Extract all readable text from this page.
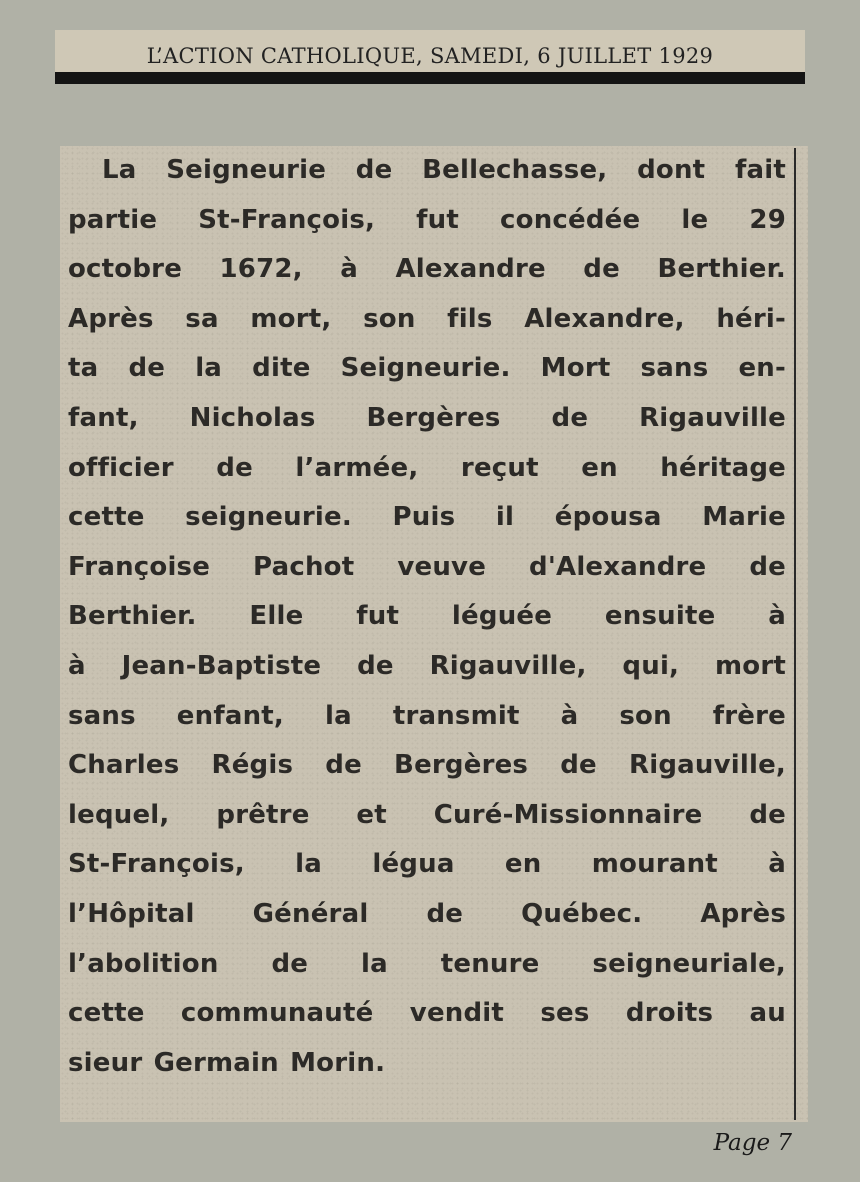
L’ACTION CATHOLIQUE, SAMEDI, 6 JUILLET 1929
La Seigneurie de Bellechasse, dont fait
partie St-François, fut concédée le 29
octobre 1672, à Alexandre de Berthier.
Après sa mort, son fils Alexandre, héri-
ta de la dite Seigneurie. Mort sans en-
fant, Nicholas Bergères de Rigauville
officier de l’armée, reçut en héritage
cette seigneurie. Puis il épousa Marie
Françoise Pachot veuve d'Alexandre de
Berthier. Elle fut léguée ensuite à
à Jean-Baptiste de Rigauville, qui, mort
sans enfant, la transmit à son frère
Charles Régis de Bergères de Rigauville,
lequel, prêtre et Curé-Missionnaire de
St-François, la légua en mourant à
l’Hôpital Général de Québec. Après
l’abolition de la tenure seigneuriale,
cette communauté vendit ses droits au
sieur Germain Morin.
Page 7
